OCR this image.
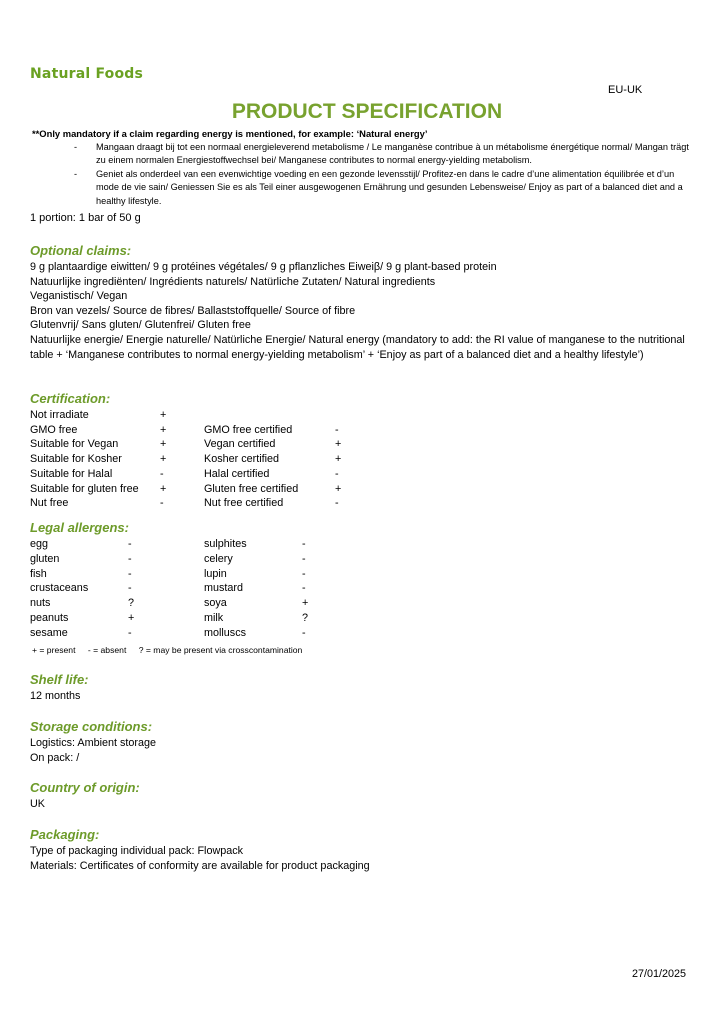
Natural Foods
EU-UK
PRODUCT SPECIFICATION
**Only mandatory if a claim regarding energy is mentioned, for example: ‘Natural energy’
- Mangaan draagt bij tot een normaal energieleverend metabolisme / Le manganèse contribue à un métabolisme énergétique normal/ Mangan trägt zu einem normalen Energiestoffwechsel bei/ Manganese contributes to normal energy-yielding metabolism.
- Geniet als onderdeel van een evenwichtige voeding en een gezonde levensstijl/ Profitez-en dans le cadre d’une alimentation équilibrée et d’un mode de vie sain/ Geniessen Sie es als Teil einer ausgewogenen Ernährung und gesunden Lebensweise/ Enjoy as part of a balanced diet and a healthy lifestyle.
1 portion: 1 bar of 50 g
Optional claims:
9 g plantaardige eiwitten/ 9 g protéines végétales/ 9 g pflanzliches Eiweiβ/ 9 g plant-based protein
Natuurlijke ingrediënten/ Ingrédients naturels/ Natürliche Zutaten/ Natural ingredients
Veganistisch/ Vegan
Bron van vezels/ Source de fibres/ Ballaststoffquelle/ Source of fibre
Glutenvrij/ Sans gluten/ Glutenfrei/ Gluten free
Natuurlijke energie/ Energie naturelle/ Natürliche Energie/ Natural energy (mandatory to add: the RI value of manganese to the nutritional table + ‘Manganese contributes to normal energy-yielding metabolism’ + ‘Enjoy as part of a balanced diet and a healthy lifestyle’)
Certification:
Not irradiate	+
GMO free	+	GMO free certified	-
Suitable for Vegan	+	Vegan certified	+
Suitable for Kosher	+	Kosher certified	+
Suitable for Halal	-	Halal certified	-
Suitable for gluten free +	Gluten free certified	+
Nut free	-	Nut free certified	-
Legal allergens:
egg	-	sulphites	-
gluten	-	celery	-
fish	-	lupin	-
crustaceans	-	mustard	-
nuts	?	soya	+
peanuts	+	milk	?
sesame	-	molluscs	-
+ = present - = absent ? = may be present via crosscontamination
Shelf life:
12 months
Storage conditions:
Logistics: Ambient storage
On pack: /
Country of origin:
UK
Packaging:
Type of packaging individual pack: Flowpack
Materials: Certificates of conformity are available for product packaging
27/01/2025
